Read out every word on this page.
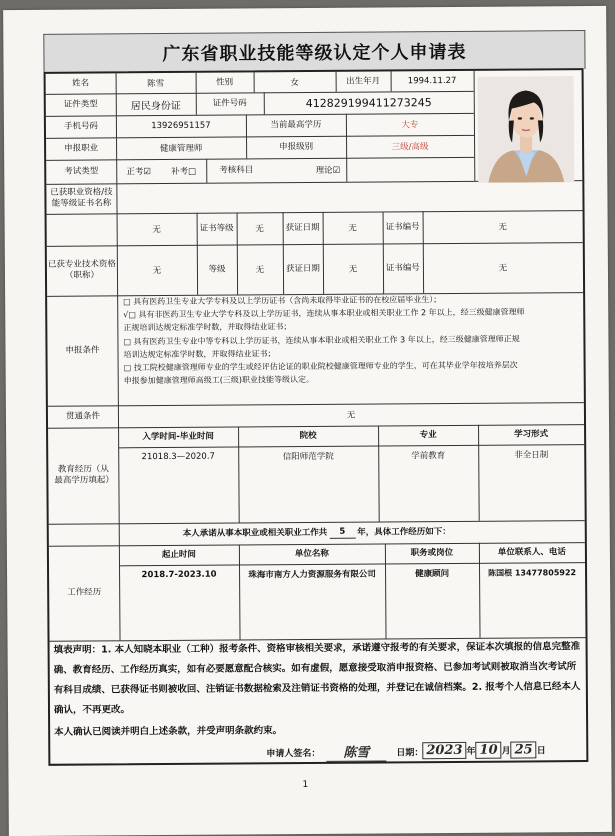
广东省职业技能等级认定个人申请表
姓名	陈雪	性别	女	出生年月	1994.11.27
证件类型	居民身份证	证件号码	412829199411273245
手机号码	13926951157	当前最高学历	大专
申报职业	健康管理师	申报级别	三级/高级
考试类型	正考☑ 补考□	考核科目	理论☑
已获职业资格/技能等级证书名称
无	证书等级	无	获证日期	无	证书编号	无
已获专业技术资格（职称）	无	等级	无	获证日期	无	证书编号	无
申报条件

□ 具有医药卫生专业大学专科及以上学历证书（含尚未取得毕业证书的在校应届毕业生）；

√□ 具有非医药卫生专业大学专科及以上学历证书，连续从事本职业或相关职业工作 2 年以上，经三级健康管理师

正规培训达规定标准学时数，并取得结业证书；

□ 具有医药卫生专业中等专科以上学历证书，连续从事本职业或相关职业工作 3 年以上，经三级健康管理师正规

培训达规定标准学时数，并取得结业证书；

□ 技工院校健康管理师专业的学生或经评估论证的职业院校健康管理师专业的学生，可在其毕业学年按培养层次

申报参加健康管理师高级工(三级)职业技能等级认定。

贯通条件	无
教育经历（从最高学历填起）
入学时间-毕业时间	院校	专业	学习形式
21018.3—2020.7	信阳师范学院	学前教育	非全日制
本人承诺从事本职业或相关职业工作共	5	年，具体工作经历如下：
工作经历
起止时间	单位名称	职务或岗位	单位联系人、电话
2018.7-2023.10	珠海市南方人力资源服务有限公司	健康顾问	陈国根 13477805922

填表声明：1. 本人知晓本职业（工种）报考条件、资格审核相关要求，承诺遵守报考的有关要求，保证本次填报的信息完整准确、教育经历、工作经历真实，如有必要愿意配合核实。如有虚假，愿意接受取消申报资格、已参加考试则被取消当次考试所有科目成绩、已获得证书则被收回、注销证书数据检索及注销证书资格的处理，并登记在诚信档案。2. 报考个人信息已经本人确认，不再更改。

本人确认已阅读并明白上述条款，并受声明条款约束。

申请人签名：	陈雪	日期： 2023 年 10 月 25 日
1
